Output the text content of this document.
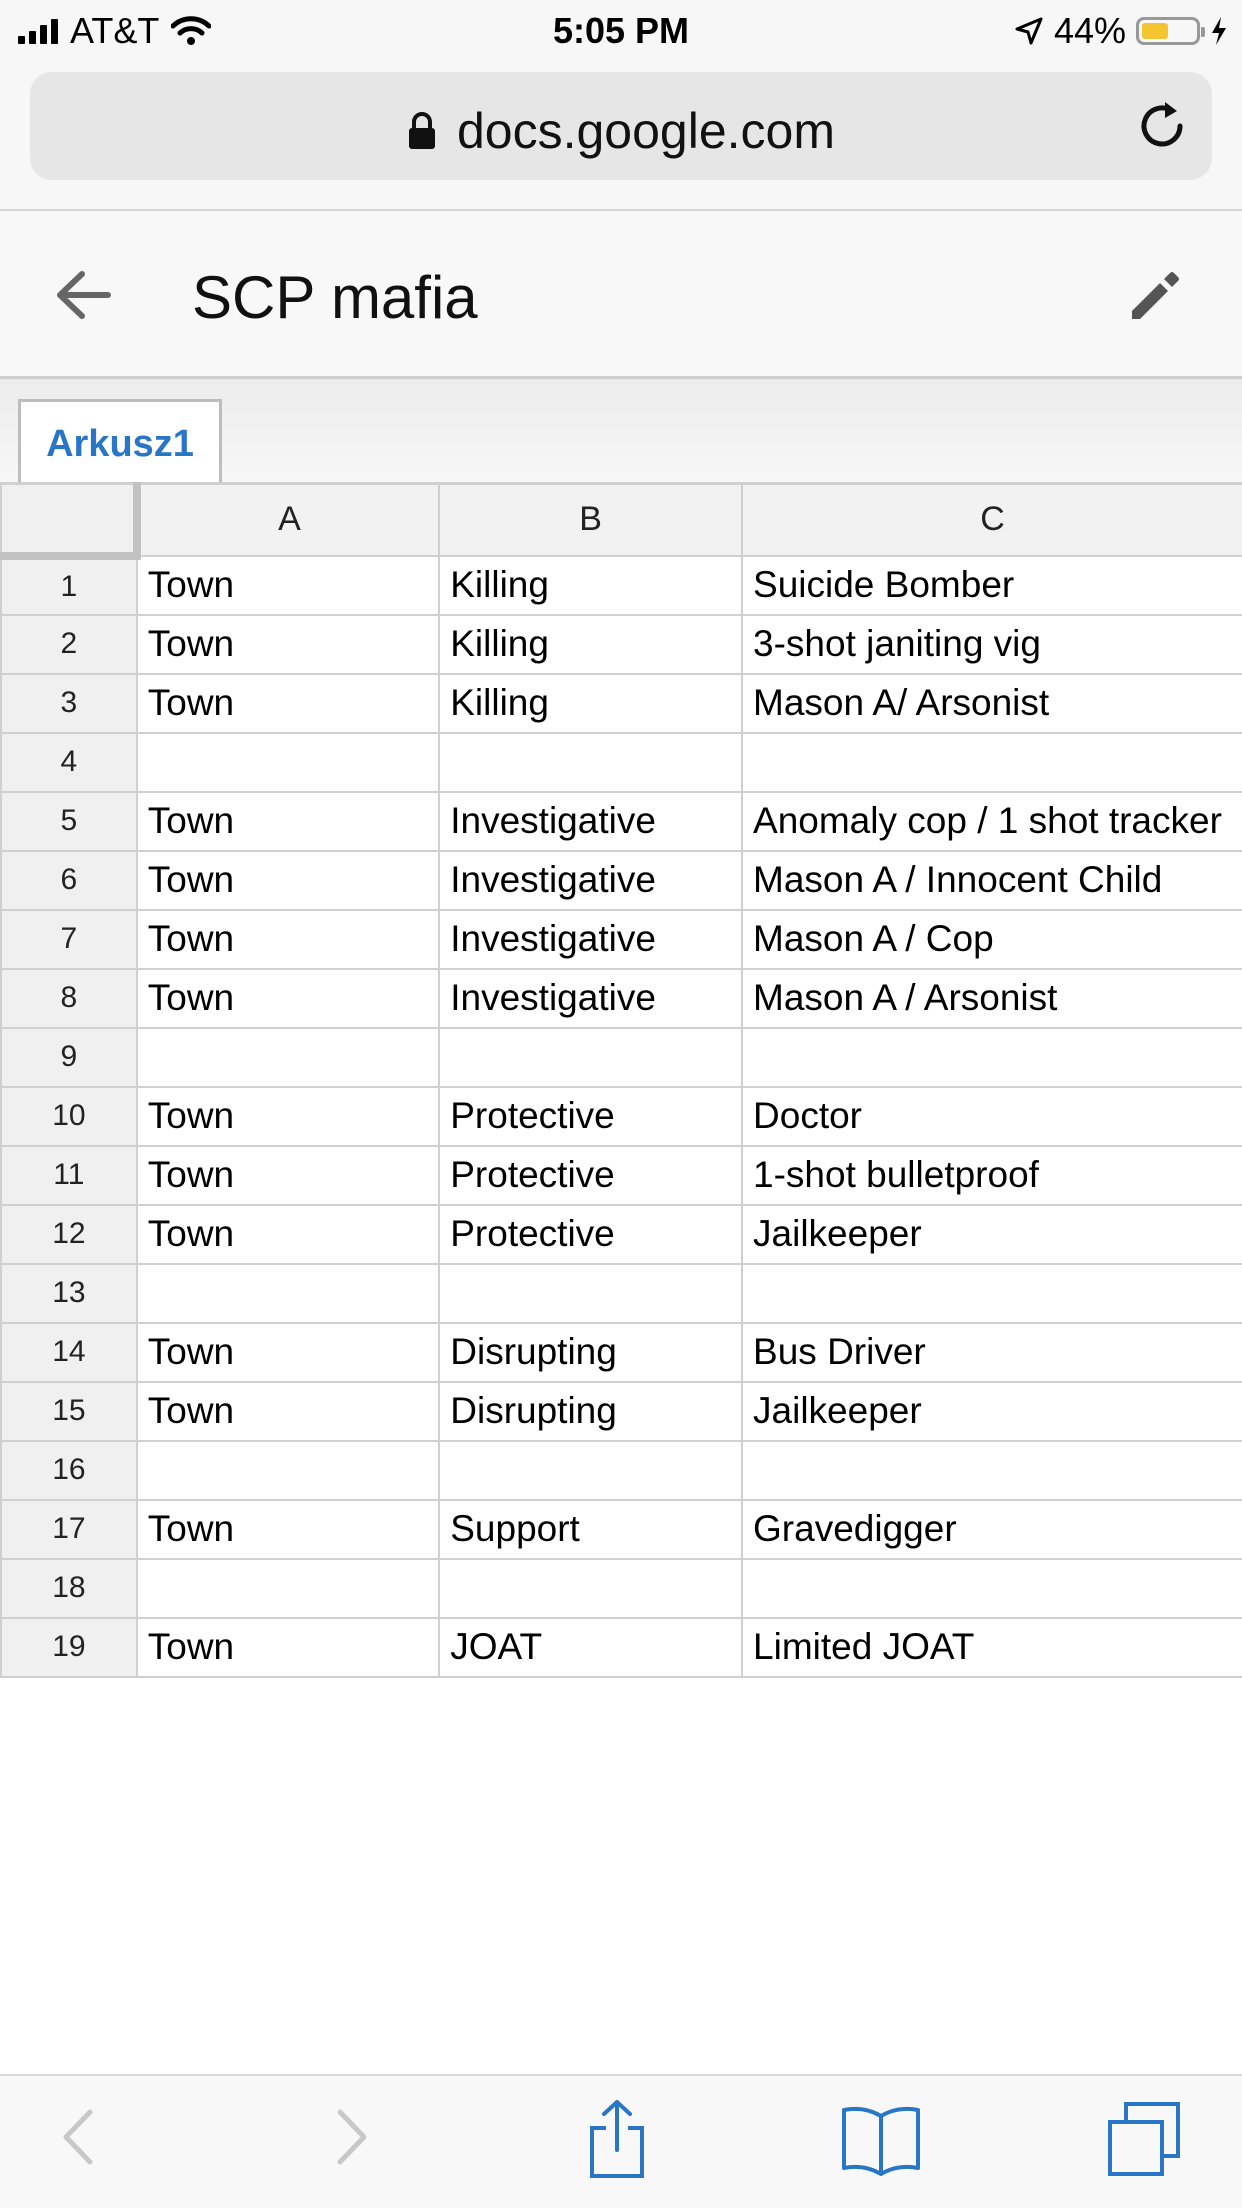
AT&T	5:05 PM	44%
docs.google.com
SCP mafia
Arkusz1
	A	B	C
1	Town	Killing	Suicide Bomber
2	Town	Killing	3-shot janiting vig
3	Town	Killing	Mason A/ Arsonist
4			
5	Town	Investigative	Anomaly cop / 1 shot tracker
6	Town	Investigative	Mason A / Innocent Child
7	Town	Investigative	Mason A / Cop
8	Town	Investigative	Mason A / Arsonist
9			
10	Town	Protective	Doctor
11	Town	Protective	1-shot bulletproof
12	Town	Protective	Jailkeeper
13			
14	Town	Disrupting	Bus Driver
15	Town	Disrupting	Jailkeeper
16			
17	Town	Support	Gravedigger
18			
19	Town	JOAT	Limited JOAT
